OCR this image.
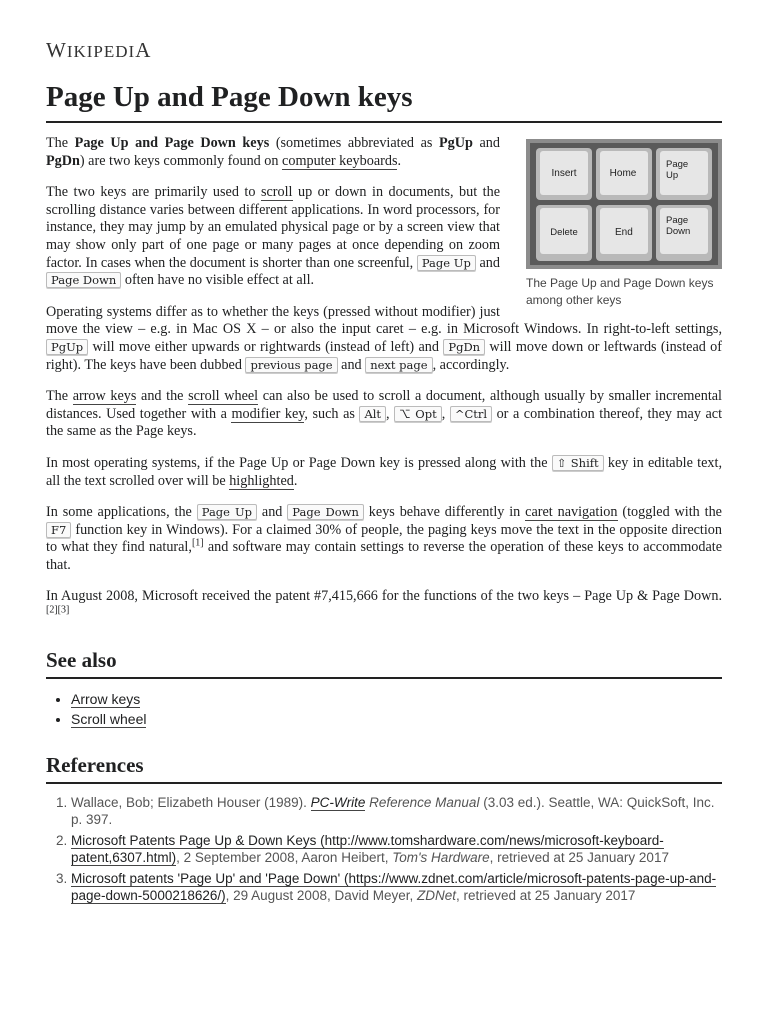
WIKIPEDIA
Page Up and Page Down keys
Insert	Home
Page Up
Delete	End
Page Down
The Page Up and Page Down keys among other keys

The Page Up and Page Down keys (sometimes abbreviated as PgUp and PgDn) are two keys commonly found on computer keyboards.

The two keys are primarily used to scroll up or down in documents, but the scrolling distance varies between different applications. In word processors, for instance, they may jump by an emulated physical page or by a screen view that may show only part of one page or many pages at once depending on zoom factor. In cases when the document is shorter than one screenful, Page Up and Page Down often have no visible effect at all.

Operating systems differ as to whether the keys (pressed without modifier) just move the view – e.g. in Mac OS X – or also the input caret – e.g. in Microsoft Windows. In right-to-left settings, PgUp will move either upwards or rightwards (instead of left) and PgDn will move down or leftwards (instead of right). The keys have been dubbed previous page and next page , accordingly.

The arrow keys and the scroll wheel can also be used to scroll a document, although usually by smaller incremental distances. Used together with a modifier key, such as Alt , ⌥ Opt , ^Ctrl or a combination thereof, they may act the same as the Page keys.

In most operating systems, if the Page Up or Page Down key is pressed along with the ⇧ Shift key in editable text, all the text scrolled over will be highlighted.

In some applications, the Page Up and Page Down keys behave differently in caret navigation (toggled with the F7 function key in Windows). For a claimed 30% of people, the paging keys move the text in the opposite direction to what they find natural,[1] and software may contain settings to reverse the operation of these keys to accommodate that.

In August 2008, Microsoft received the patent #7,415,666 for the functions of the two keys – Page Up & Page Down.[2][3]

See also
• Arrow keys
• Scroll wheel
References
1. Wallace, Bob; Elizabeth Houser (1989). PC-Write Reference Manual (3.03 ed.). Seattle, WA: QuickSoft, Inc. p. 397.
2. Microsoft Patents Page Up & Down Keys (http://www.tomshardware.com/news/microsoft-keyboard-patent,6307.html), 2 September 2008, Aaron Heibert, Tom's Hardware, retrieved at 25 January 2017
3. Microsoft patents 'Page Up' and 'Page Down' (https://www.zdnet.com/article/microsoft-patents-page-up-and-page-down-5000218626/), 29 August 2008, David Meyer, ZDNet, retrieved at 25 January 2017
